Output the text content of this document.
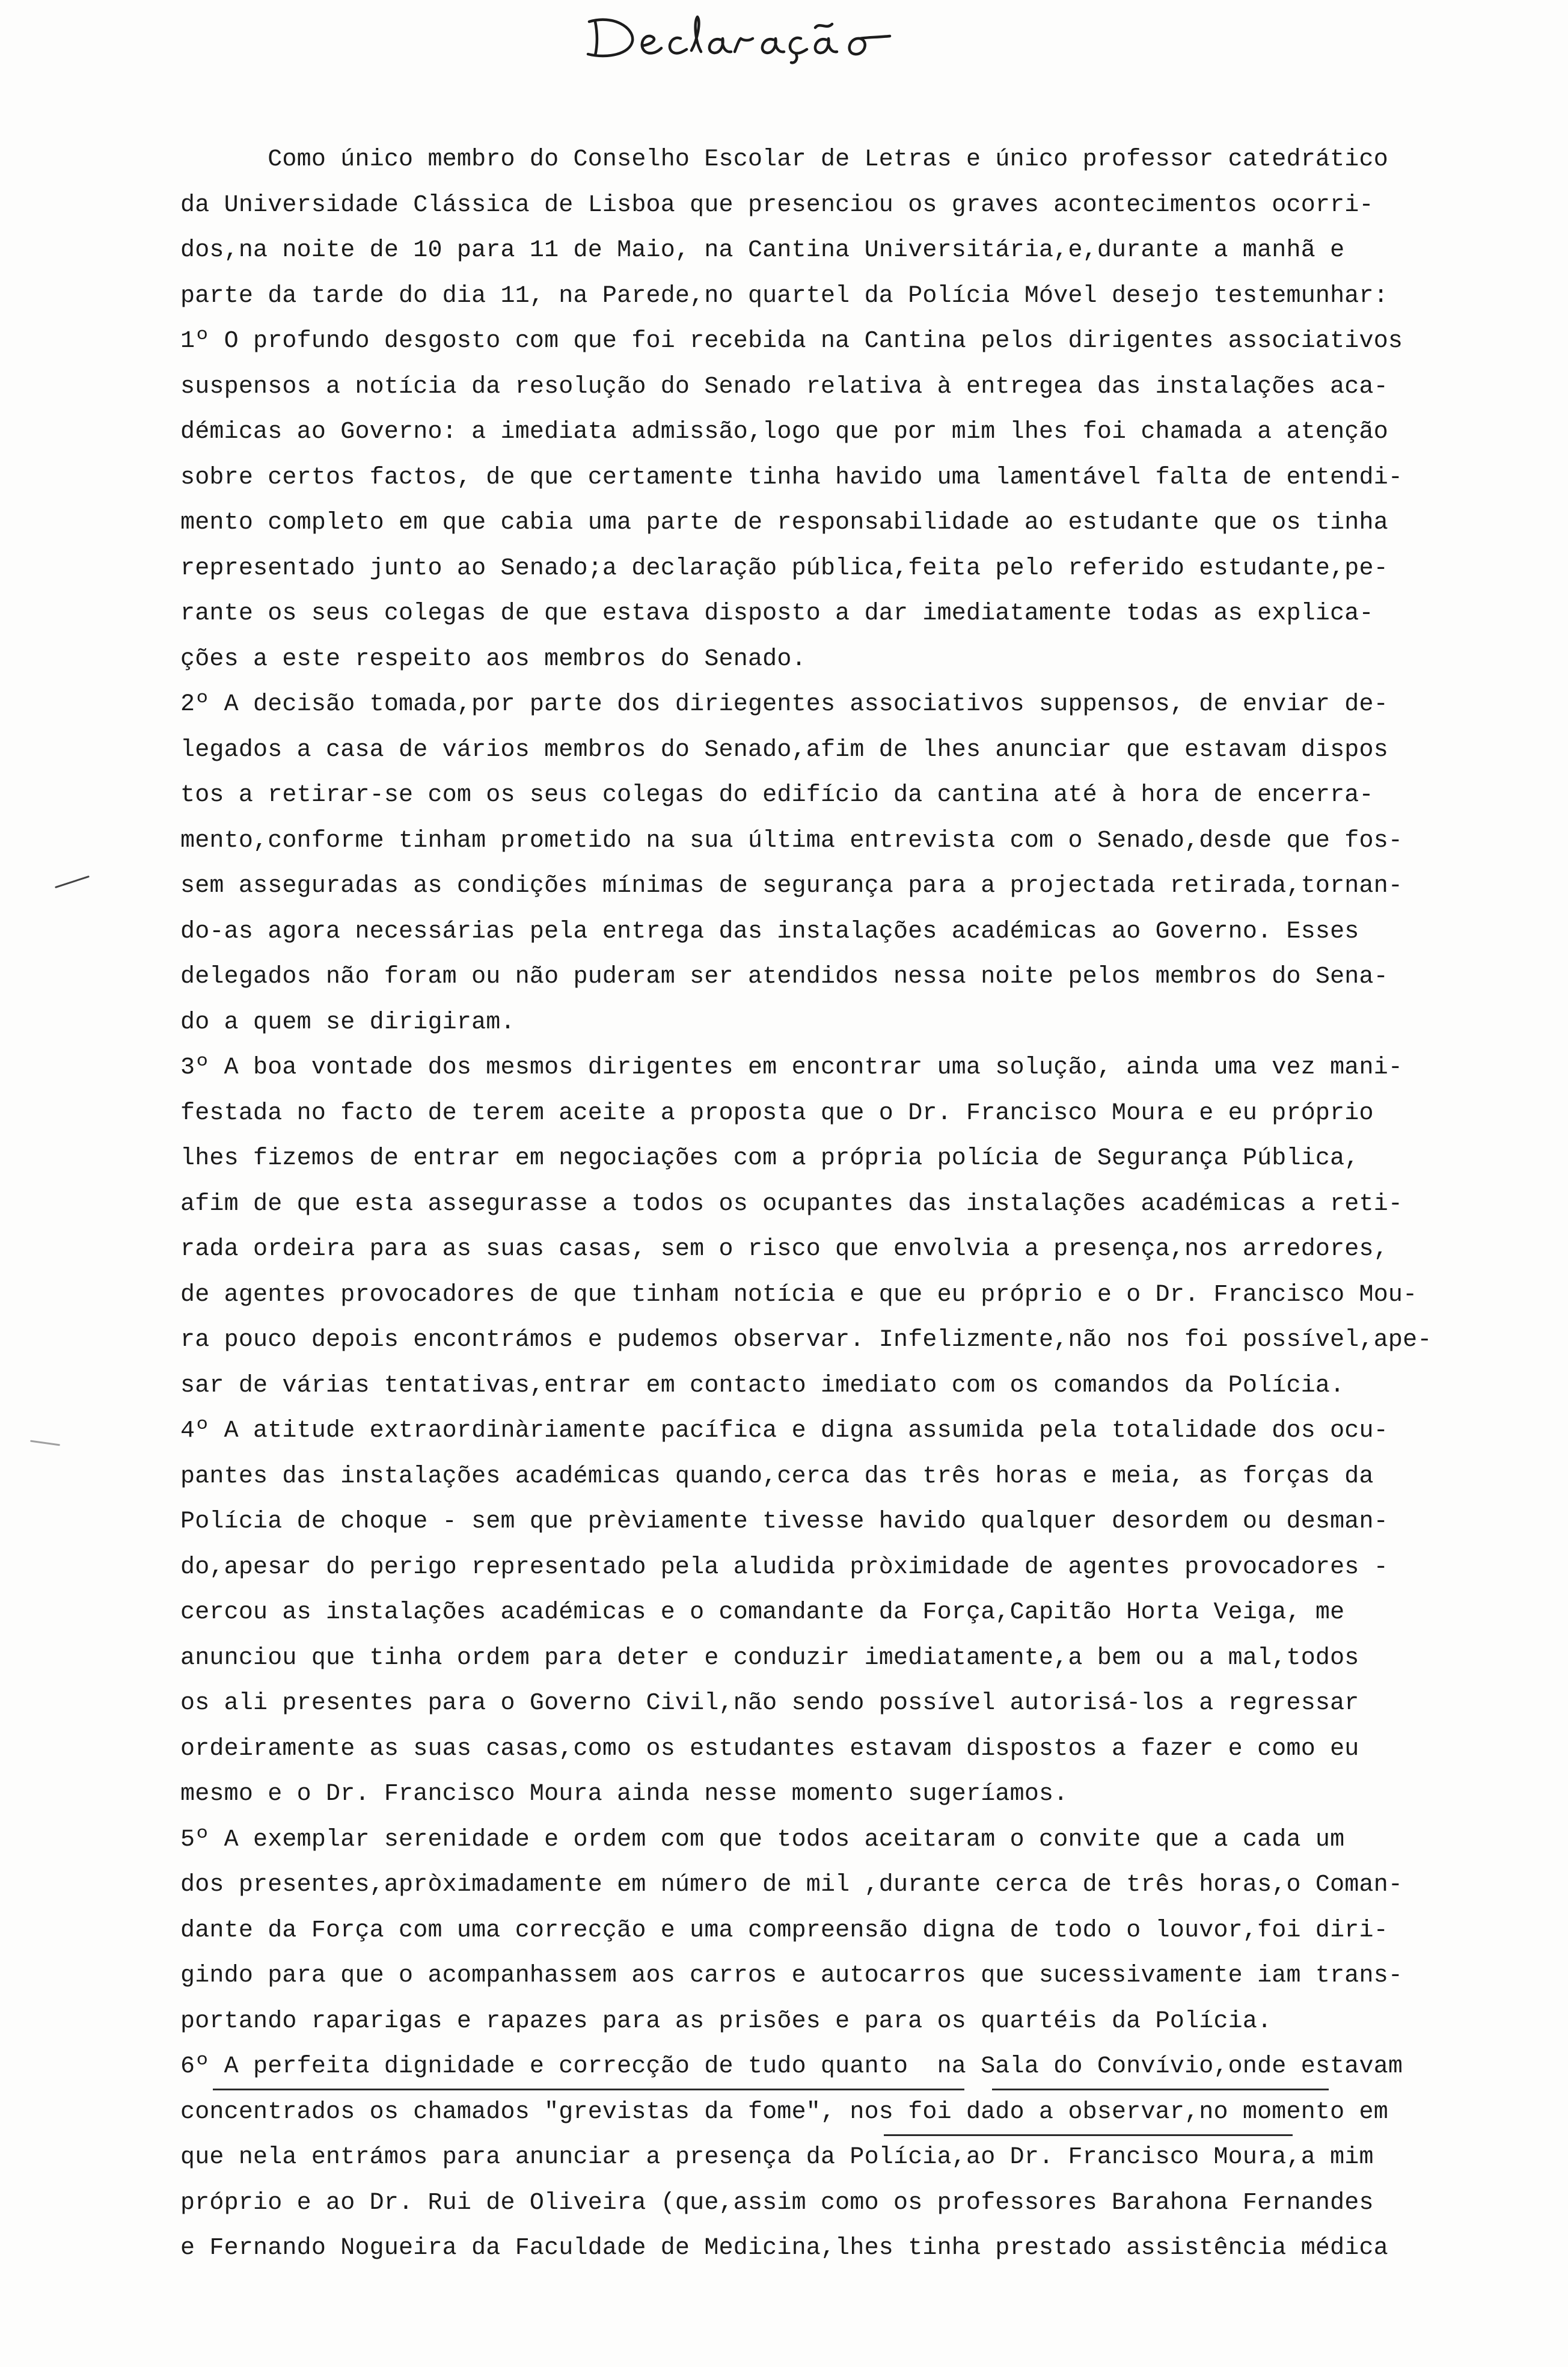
Como único membro do Conselho Escolar de Letras e único professor catedrático
da Universidade Clássica de Lisboa que presenciou os graves acontecimentos ocorri-
dos,na noite de 10 para 11 de Maio, na Cantina Universitária,e,durante a manhã e
parte da tarde do dia 11, na Parede,no quartel da Polícia Móvel desejo testemunhar:
1º O profundo desgosto com que foi recebida na Cantina pelos dirigentes associativos
suspensos a notícia da resolução do Senado relativa à entregea das instalações aca-
démicas ao Governo: a imediata admissão,logo que por mim lhes foi chamada a atenção
sobre certos factos, de que certamente tinha havido uma lamentável falta de entendi-
mento completo em que cabia uma parte de responsabilidade ao estudante que os tinha
representado junto ao Senado;a declaração pública,feita pelo referido estudante,pe-
rante os seus colegas de que estava disposto a dar imediatamente todas as explica-
ções a este respeito aos membros do Senado.
2º A decisão tomada,por parte dos diriegentes associativos suppensos, de enviar de-
legados a casa de vários membros do Senado,afim de lhes anunciar que estavam dispos
tos a retirar-se com os seus colegas do edifício da cantina até à hora de encerra-
mento,conforme tinham prometido na sua última entrevista com o Senado,desde que fos-
sem asseguradas as condições mínimas de segurança para a projectada retirada,tornan-
do-as agora necessárias pela entrega das instalações académicas ao Governo. Esses
delegados não foram ou não puderam ser atendidos nessa noite pelos membros do Sena-
do a quem se dirigiram.
3º A boa vontade dos mesmos dirigentes em encontrar uma solução, ainda uma vez mani-
festada no facto de terem aceite a proposta que o Dr. Francisco Moura e eu próprio
lhes fizemos de entrar em negociações com a própria polícia de Segurança Pública,
afim de que esta assegurasse a todos os ocupantes das instalações académicas a reti-
rada ordeira para as suas casas, sem o risco que envolvia a presença,nos arredores,
de agentes provocadores de que tinham notícia e que eu próprio e o Dr. Francisco Mou-
ra pouco depois encontrámos e pudemos observar. Infelizmente,não nos foi possível,ape-
sar de várias tentativas,entrar em contacto imediato com os comandos da Polícia.
4º A atitude extraordinàriamente pacífica e digna assumida pela totalidade dos ocu-
pantes das instalações académicas quando,cerca das três horas e meia, as forças da
Polícia de choque - sem que prèviamente tivesse havido qualquer desordem ou desman-
do,apesar do perigo representado pela aludida pròximidade de agentes provocadores -
cercou as instalações académicas e o comandante da Força,Capitão Horta Veiga, me
anunciou que tinha ordem para deter e conduzir imediatamente,a bem ou a mal,todos
os ali presentes para o Governo Civil,não sendo possível autorisá-los a regressar
ordeiramente as suas casas,como os estudantes estavam dispostos a fazer e como eu
mesmo e o Dr. Francisco Moura ainda nesse momento sugeríamos.
5º A exemplar serenidade e ordem com que todos aceitaram o convite que a cada um
dos presentes,apròximadamente em número de mil ,durante cerca de três horas,o Coman-
dante da Força com uma correcção e uma compreensão digna de todo o louvor,foi diri-
gindo para que o acompanhassem aos carros e autocarros que sucessivamente iam trans-
portando raparigas e rapazes para as prisões e para os quartéis da Polícia.
6º A perfeita dignidade e correcção de tudo quanto  na Sala do Convívio,onde estavam
concentrados os chamados "grevistas da fome", nos foi dado a observar,no momento em
que nela entrámos para anunciar a presença da Polícia,ao Dr. Francisco Moura,a mim
próprio e ao Dr. Rui de Oliveira (que,assim como os professores Barahona Fernandes
e Fernando Nogueira da Faculdade de Medicina,lhes tinha prestado assistência médica
